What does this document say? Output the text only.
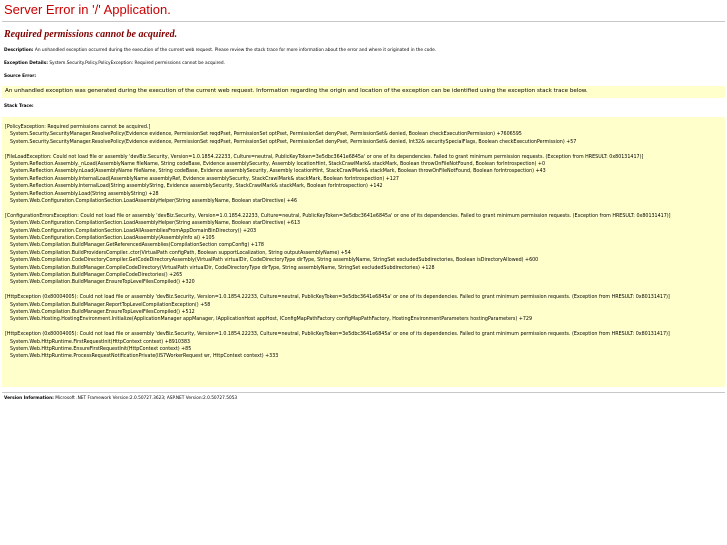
Server Error in '/' Application.
Required permissions cannot be acquired.
Description: An unhandled exception occurred during the execution of the current web request. Please review the stack trace for more information about the error and where it originated in the code.
Exception Details: System.Security.Policy.PolicyException: Required permissions cannot be acquired.
Source Error:
An unhandled exception was generated during the execution of the current web request. Information regarding the origin and location of the exception can be identified using the exception stack trace below.
Stack Trace:
[PolicyException: Required permissions cannot be acquired.]
System.Security.SecurityManager.ResolvePolicy(Evidence evidence, PermissionSet reqdPset, PermissionSet optPset, PermissionSet denyPset, PermissionSet& denied, Boolean checkExecutionPermission) +7606595
System.Security.SecurityManager.ResolvePolicy(Evidence evidence, PermissionSet reqdPset, PermissionSet optPset, PermissionSet denyPset, PermissionSet& denied, Int32& securitySpecialFlags, Boolean checkExecutionPermission) +57
[FileLoadException: Could not load file or assembly 'devBiz.Security, Version=1.0.1854.22233, Culture=neutral, PublicKeyToken=3e5dbc3641e6845a' or one of its dependencies. Failed to grant minimum permission requests. (Exception from HRESULT: 0x80131417)]
System.Reflection.Assembly._nLoad(AssemblyName fileName, String codeBase, Evidence assemblySecurity, Assembly locationHint, StackCrawlMark& stackMark, Boolean throwOnFileNotFound, Boolean forIntrospection) +0
System.Reflection.Assembly.nLoad(AssemblyName fileName, String codeBase, Evidence assemblySecurity, Assembly locationHint, StackCrawlMark& stackMark, Boolean throwOnFileNotFound, Boolean forIntrospection) +43
System.Reflection.Assembly.InternalLoad(AssemblyName assemblyRef, Evidence assemblySecurity, StackCrawlMark& stackMark, Boolean forIntrospection) +127
System.Reflection.Assembly.InternalLoad(String assemblyString, Evidence assemblySecurity, StackCrawlMark& stackMark, Boolean forIntrospection) +142
System.Reflection.Assembly.Load(String assemblyString) +28
System.Web.Configuration.CompilationSection.LoadAssemblyHelper(String assemblyName, Boolean starDirective) +46
[ConfigurationErrorsException: Could not load file or assembly 'devBiz.Security, Version=1.0.1854.22233, Culture=neutral, PublicKeyToken=3e5dbc3641e6845a' or one of its dependencies. Failed to grant minimum permission requests. (Exception from HRESULT: 0x80131417)]
System.Web.Configuration.CompilationSection.LoadAssemblyHelper(String assemblyName, Boolean starDirective) +613
System.Web.Configuration.CompilationSection.LoadAllAssembliesFromAppDomainBinDirectory() +203
System.Web.Configuration.CompilationSection.LoadAssembly(AssemblyInfo ai) +105
System.Web.Compilation.BuildManager.GetReferencedAssemblies(CompilationSection compConfig) +178
System.Web.Compilation.BuildProvidersCompiler..ctor(VirtualPath configPath, Boolean supportLocalization, String outputAssemblyName) +54
System.Web.Compilation.CodeDirectoryCompiler.GetCodeDirectoryAssembly(VirtualPath virtualDir, CodeDirectoryType dirType, String assemblyName, StringSet excludedSubdirectories, Boolean isDirectoryAllowed) +600
System.Web.Compilation.BuildManager.CompileCodeDirectory(VirtualPath virtualDir, CodeDirectoryType dirType, String assemblyName, StringSet excludedSubdirectories) +128
System.Web.Compilation.BuildManager.CompileCodeDirectories() +265
System.Web.Compilation.BuildManager.EnsureTopLevelFilesCompiled() +320
[HttpException (0x80004005): Could not load file or assembly 'devBiz.Security, Version=1.0.1854.22233, Culture=neutral, PublicKeyToken=3e5dbc3641e6845a' or one of its dependencies. Failed to grant minimum permission requests. (Exception from HRESULT: 0x80131417)]
System.Web.Compilation.BuildManager.ReportTopLevelCompilationException() +58
System.Web.Compilation.BuildManager.EnsureTopLevelFilesCompiled() +512
System.Web.Hosting.HostingEnvironment.Initialize(ApplicationManager appManager, IApplicationHost appHost, IConfigMapPathFactory configMapPathFactory, HostingEnvironmentParameters hostingParameters) +729
[HttpException (0x80004005): Could not load file or assembly 'devBiz.Security, Version=1.0.1854.22233, Culture=neutral, PublicKeyToken=3e5dbc3641e6845a' or one of its dependencies. Failed to grant minimum permission requests. (Exception from HRESULT: 0x80131417)]
System.Web.HttpRuntime.FirstRequestInit(HttpContext context) +8910383
System.Web.HttpRuntime.EnsureFirstRequestInit(HttpContext context) +85
System.Web.HttpRuntime.ProcessRequestNotificationPrivate(IIS7WorkerRequest wr, HttpContext context) +333
Version Information: Microsoft .NET Framework Version:2.0.50727.3623; ASP.NET Version:2.0.50727.5053
